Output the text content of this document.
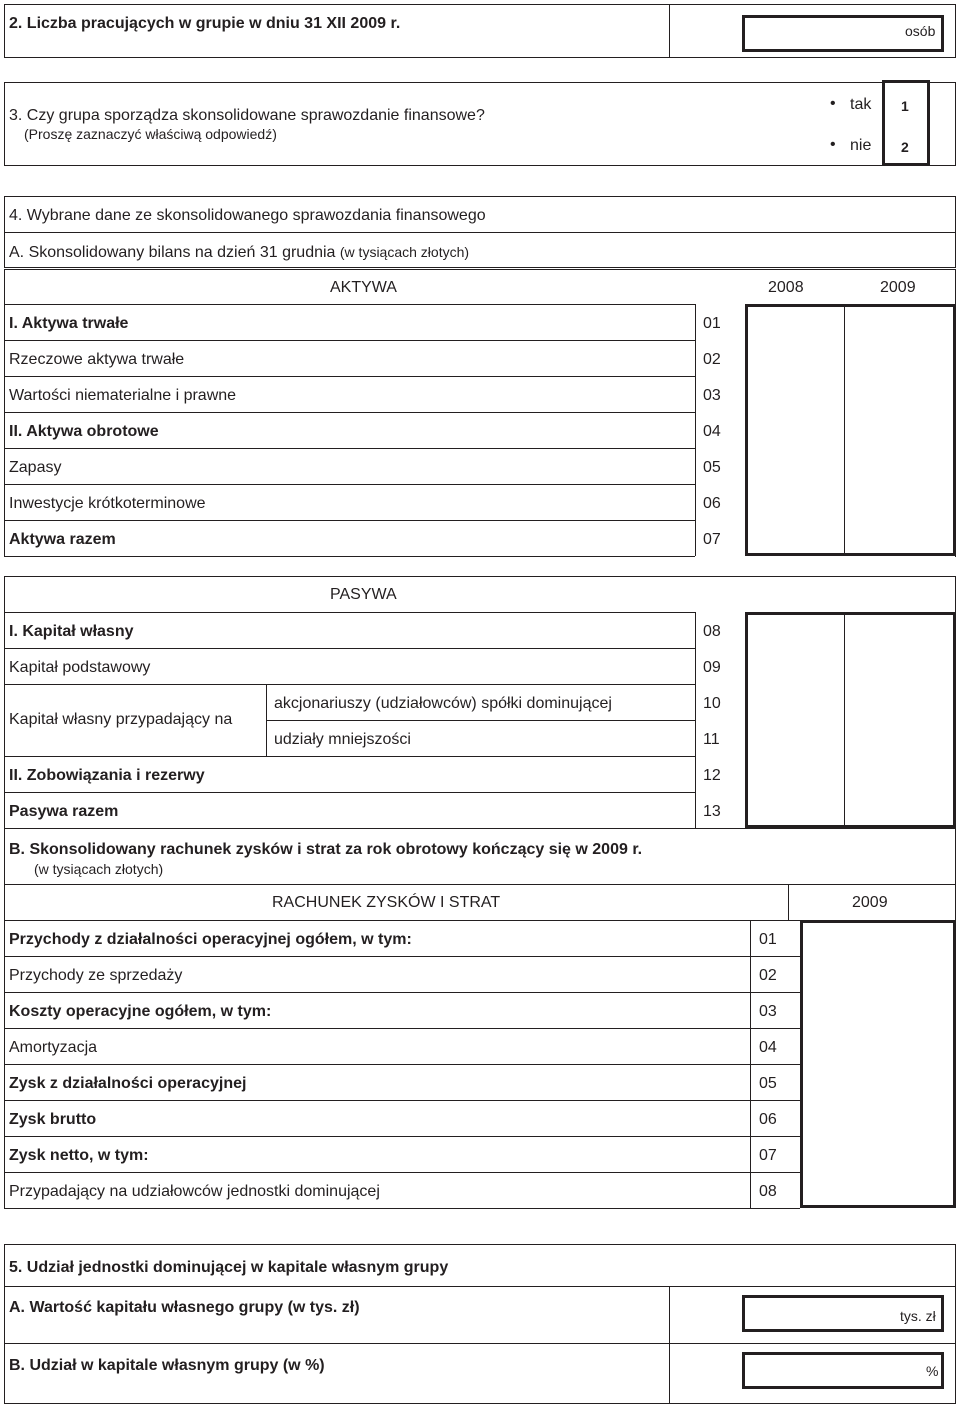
2. Liczba pracujących w grupie w dniu 31 XII 2009 r.	osób
3. Czy grupa sporządza skonsolidowane sprawozdanie finansowe?
(Proszę zaznaczyć właściwą odpowiedź)
• tak
• nie
1
2
4. Wybrane dane ze skonsolidowanego sprawozdania finansowego
A. Skonsolidowany bilans na dzień 31 grudnia (w tysiącach złotych)
AKTYWA	2008	2009
I. Aktywa trwałe	01
Rzeczowe aktywa trwałe	02
Wartości niematerialne i prawne	03
II. Aktywa obrotowe	04
Zapasy	05
Inwestycje krótkoterminowe	06
Aktywa razem	07
PASYWA
I. Kapitał własny	08
Kapitał podstawowy	09
Kapitał własny przypadający na
akcjonariuszy (udziałowców) spółki dominującej	10
udziały mniejszości	11
II. Zobowiązania i rezerwy	12
Pasywa razem	13
B. Skonsolidowany rachunek zysków i strat za rok obrotowy kończący się w 2009 r.
(w tysiącach złotych)
RACHUNEK ZYSKÓW I STRAT	2009
Przychody z działalności operacyjnej ogółem, w tym:	01
Przychody ze sprzedaży	02
Koszty operacyjne ogółem, w tym:	03
Amortyzacja	04
Zysk z działalności operacyjnej	05
Zysk brutto	06
Zysk netto, w tym:	07
Przypadający na udziałowców jednostki dominującej	08
5. Udział jednostki dominującej w kapitale własnym grupy
A. Wartość kapitału własnego grupy (w tys. zł)	tys. zł
B. Udział w kapitale własnym grupy (w %)	%
